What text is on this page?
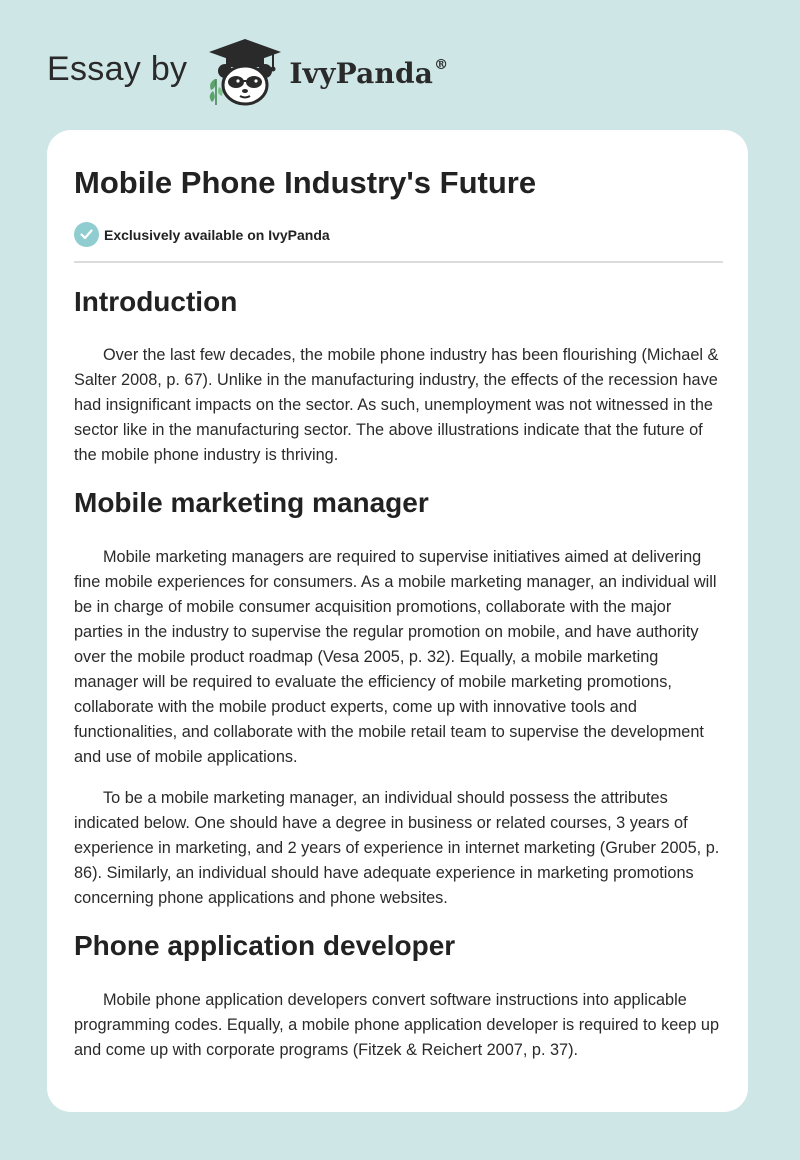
Essay by	IvyPanda®
Mobile Phone Industry's Future
Exclusively available on IvyPanda
Introduction

Over the last few decades, the mobile phone industry has been flourishing (Michael & Salter 2008, p. 67). Unlike in the manufacturing industry, the effects of the recession have had insignificant impacts on the sector. As such, unemployment was not witnessed in the sector like in the manufacturing sector. The above illustrations indicate that the future of the mobile phone industry is thriving.

Mobile marketing manager

Mobile marketing managers are required to supervise initiatives aimed at delivering fine mobile experiences for consumers. As a mobile marketing manager, an individual will be in charge of mobile consumer acquisition promotions, collaborate with the major parties in the industry to supervise the regular promotion on mobile, and have authority over the mobile product roadmap (Vesa 2005, p. 32). Equally, a mobile marketing manager will be required to evaluate the efficiency of mobile marketing promotions, collaborate with the mobile product experts, come up with innovative tools and functionalities, and collaborate with the mobile retail team to supervise the development and use of mobile applications.

To be a mobile marketing manager, an individual should possess the attributes indicated below. One should have a degree in business or related courses, 3 years of experience in marketing, and 2 years of experience in internet marketing (Gruber 2005, p. 86). Similarly, an individual should have adequate experience in marketing promotions concerning phone applications and phone websites.

Phone application developer

Mobile phone application developers convert software instructions into applicable programming codes. Equally, a mobile phone application developer is required to keep up and come up with corporate programs (Fitzek & Reichert 2007, p. 37).
